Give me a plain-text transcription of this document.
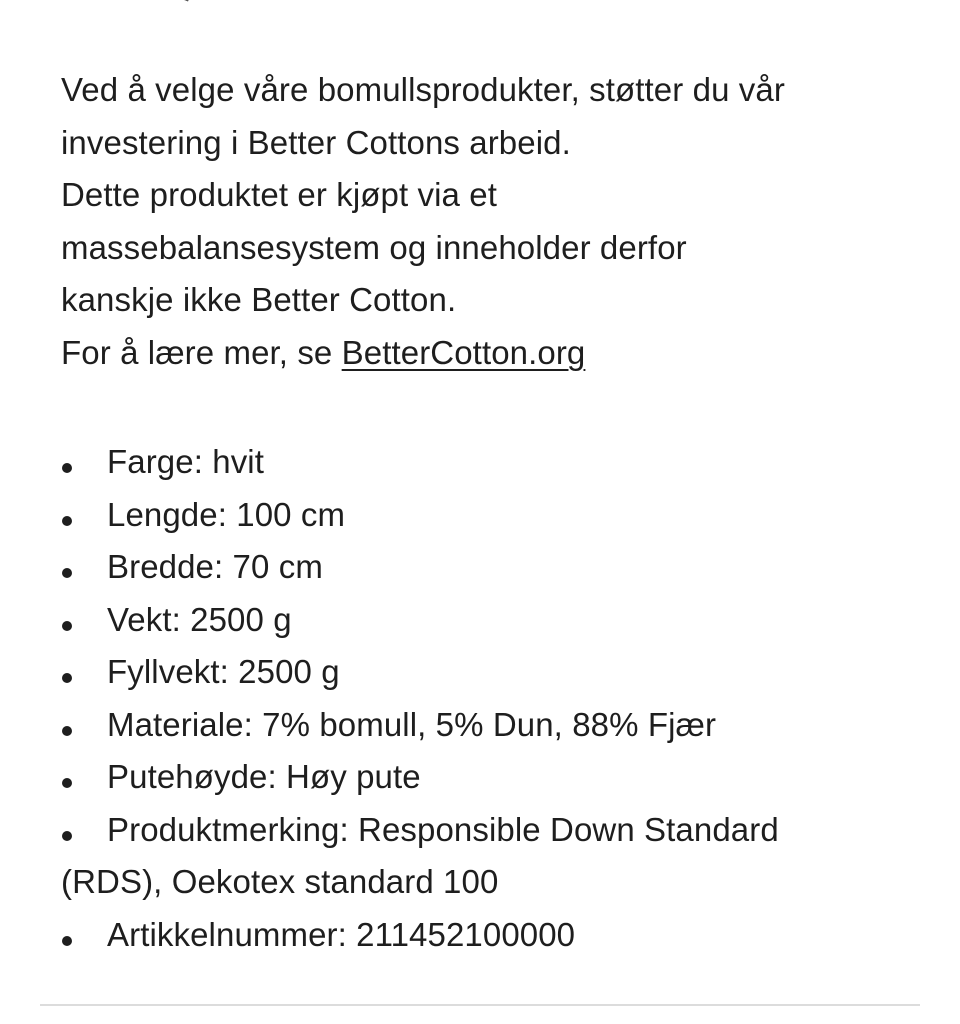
Ved å velge våre bomullsprodukter, støtter du vår
investering i Better Cottons arbeid.
Dette produktet er kjøpt via et
massebalansesystem og inneholder derfor
kanskje ikke Better Cotton.
For å lære mer, se BetterCotton.org
Farge: hvit
Lengde: 100 cm
Bredde: 70 cm
Vekt: 2500 g
Fyllvekt: 2500 g
Materiale: 7% bomull, 5% Dun, 88% Fjær
Putehøyde: Høy pute
Produktmerking: Responsible Down Standard
(RDS), Oekotex standard 100
Artikkelnummer: 211452100000
